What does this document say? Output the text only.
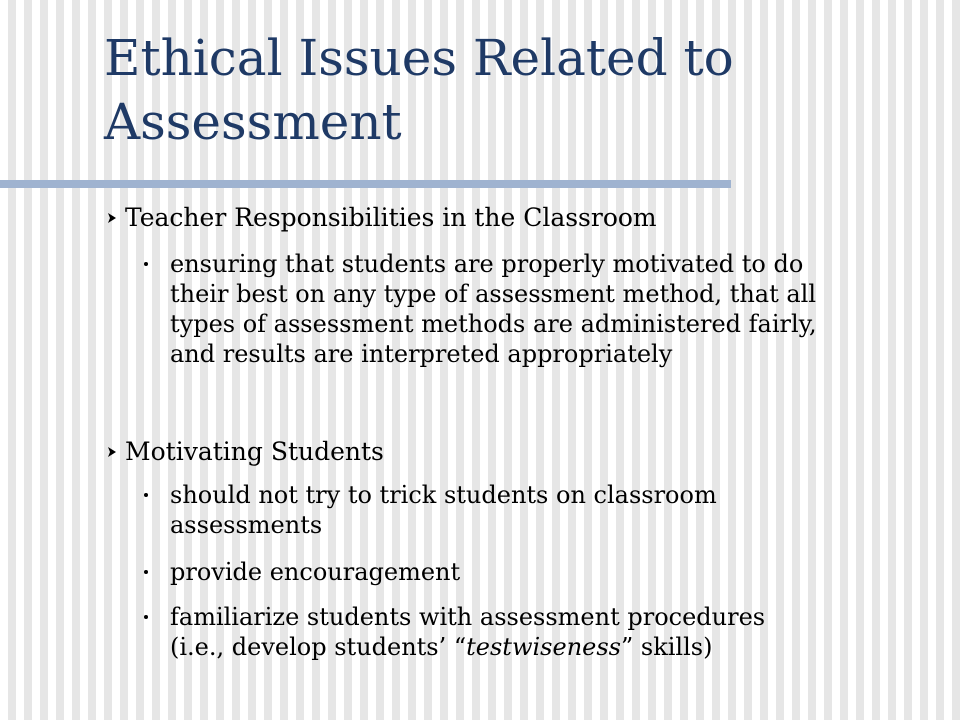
Ethical Issues Related to
Assessment
Teacher Responsibilities in the Classroom
ensuring that students are properly motivated to do
their best on any type of assessment method, that all
types of assessment methods are administered fairly,
and results are interpreted appropriately
Motivating Students
should not try to trick students on classroom
assessments
provide encouragement
familiarize students with assessment procedures
(i.e., develop students’ “testwiseness” skills)
